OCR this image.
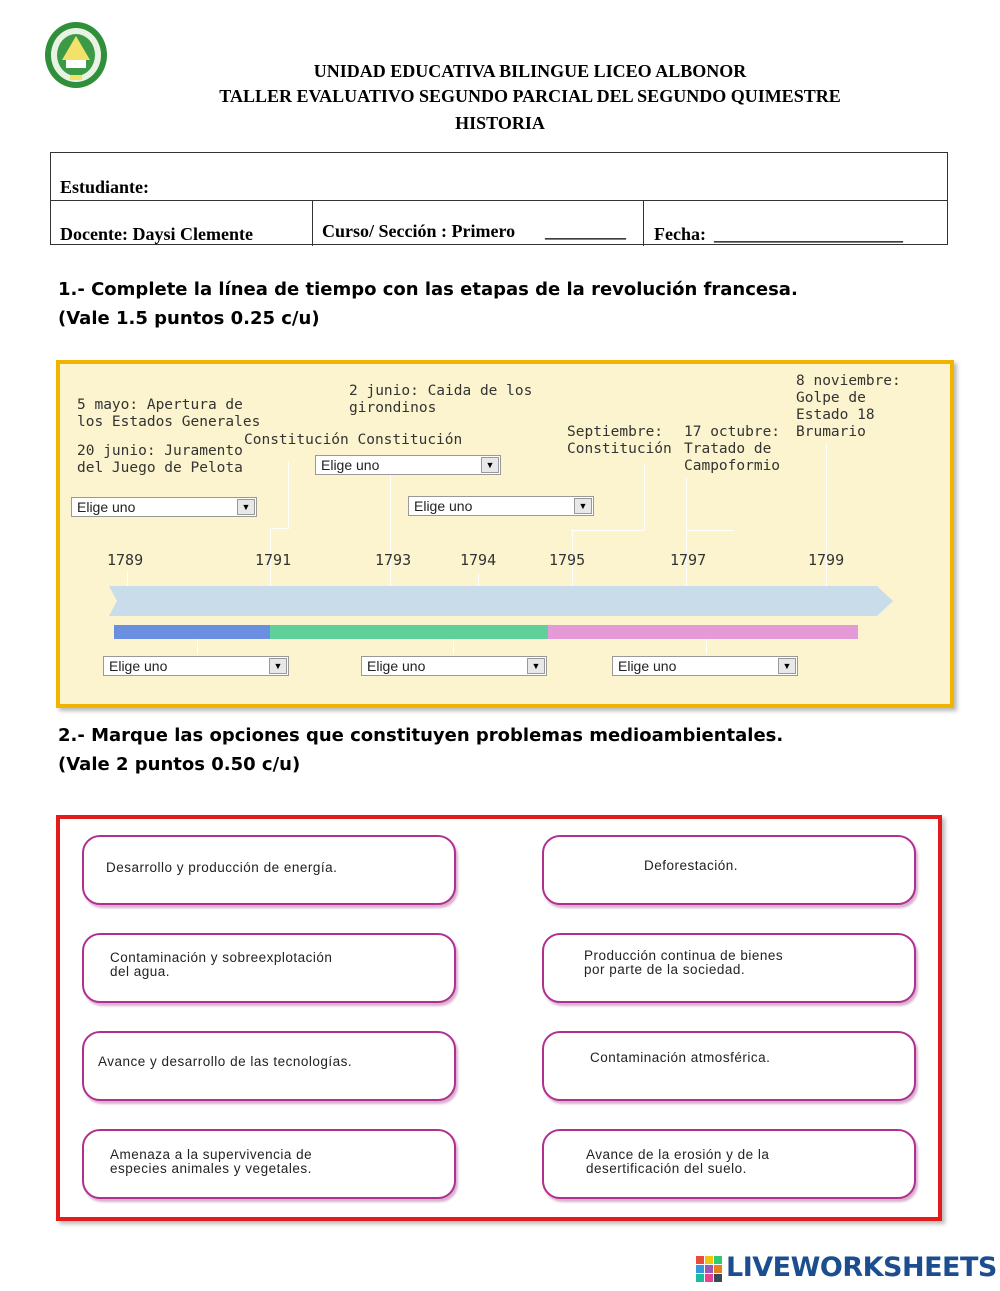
UNIDAD EDUCATIVA BILINGUE LICEO ALBONOR
TALLER EVALUATIVO SEGUNDO PARCIAL DEL SEGUNDO QUIMESTRE
HISTORIA
Estudiante:
Docente: Daysi Clemente	Curso/ Sección : Primero _________ Fecha: _____________________
1.- Complete la línea de tiempo con las etapas de la revolución francesa.
(Vale 1.5 puntos 0.25 c/u)
5 mayo: Apertura de
los Estados Generales
20 junio: Juramento
del Juego de Pelota
Constitución Constitución
2 junio: Caida de los
girondinos
Septiembre:
Constitución
17 octubre:
Tratado de
Campoformio
8 noviembre:
Golpe de
Estado 18
Brumario
1789	1791	1793	1794	1795	1797	1799
Elige uno	▼
Elige uno	▼
Elige uno	▼
Elige uno	▼	Elige uno	▼	Elige uno	▼
2.- Marque las opciones que constituyen problemas medioambientales.
(Vale 2 puntos 0.50 c/u)
Desarrollo y producción de energía.	Deforestación.
Contaminación y sobreexplotación
del agua.
Producción continua de bienes
por parte de la sociedad.
Avance y desarrollo de las tecnologías.	Contaminación atmosférica.
Amenaza a la supervivencia de
especies animales y vegetales.
Avance de la erosión y de la
desertificación del suelo.
LIVEWORKSHEETS
